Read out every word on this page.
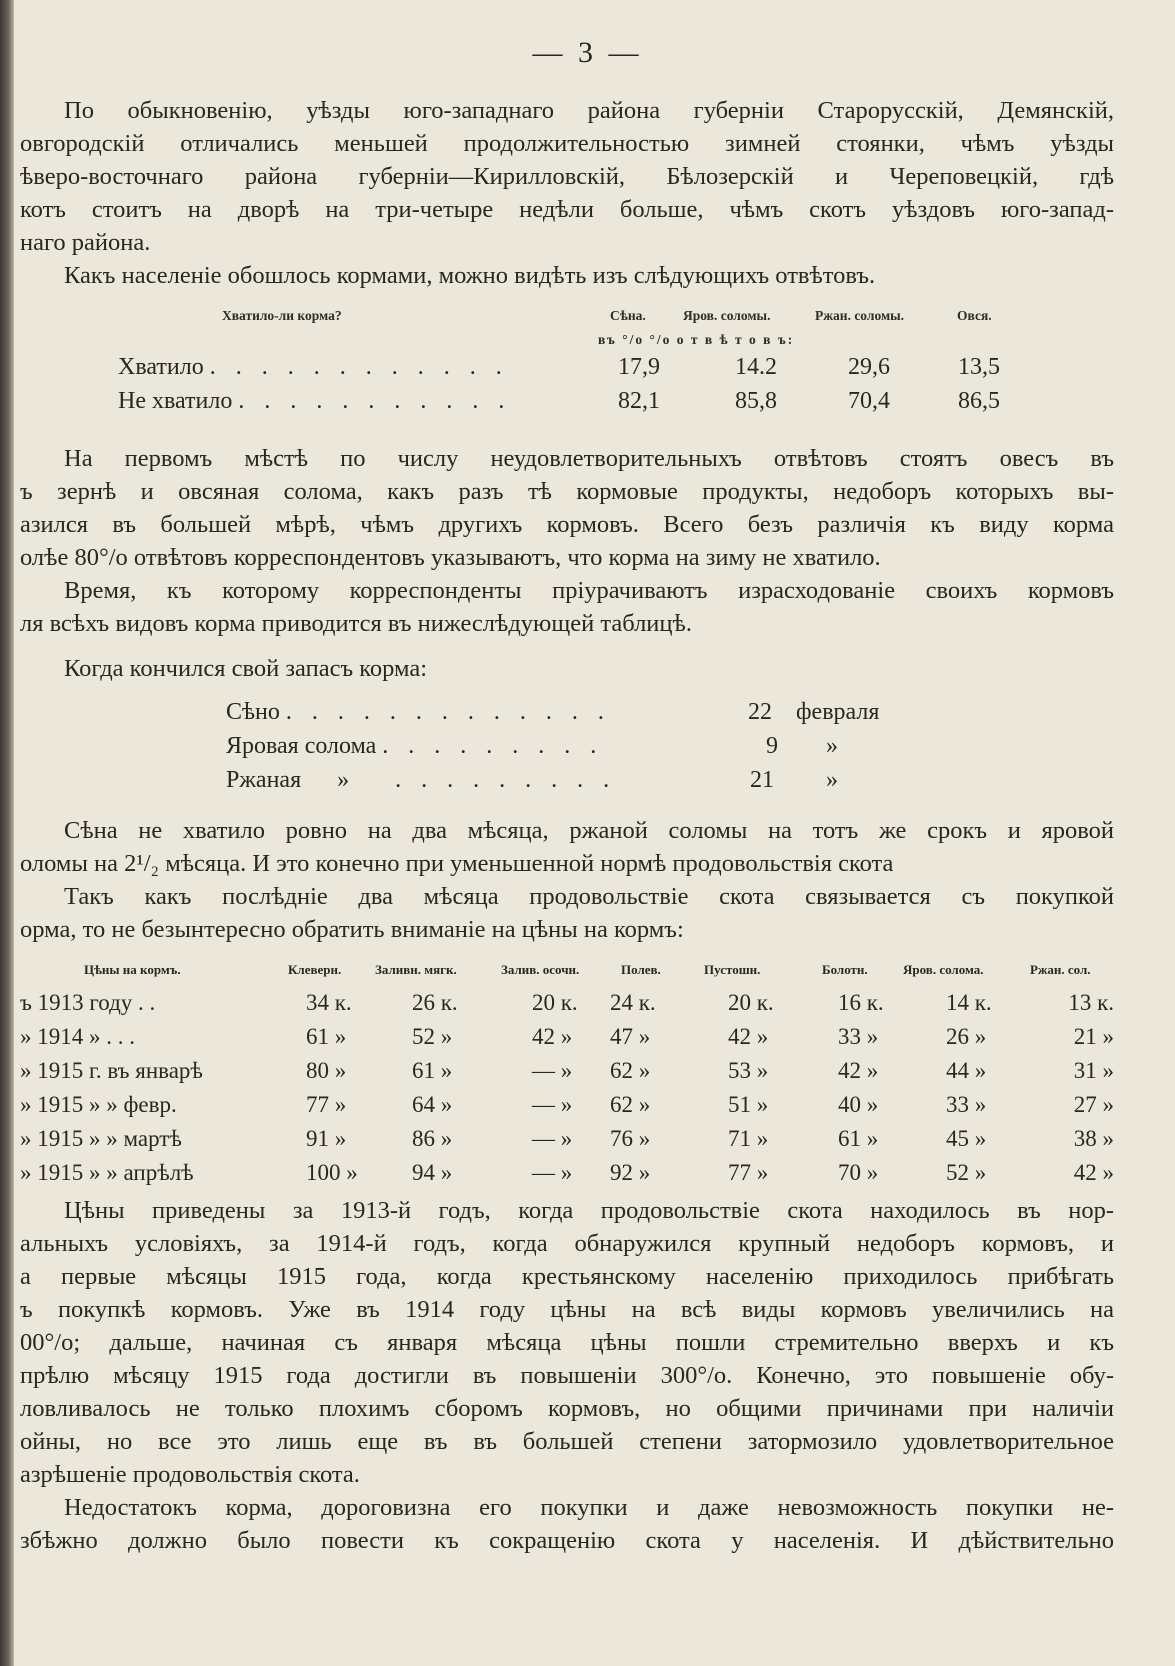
— 3 —
По обыкновенію, уѣзды юго-западнаго района губерніи Старорусскій, Демянскій,
овгородскій отличались меньшей продолжительностью зимней стоянки, чѣмъ уѣзды
ѣверо-восточнаго района губерніи—Кирилловскій, Бѣлозерскій и Череповецкій, гдѣ
котъ стоитъ на дворѣ на три-четыре недѣли больше, чѣмъ скотъ уѣздовъ юго-запад-
наго района.
Какъ населеніе обошлось кормами, можно видѣть изъ слѣдующихъ отвѣтовъ.
Хватило-ли корма?	Сѣна.	Яров. соломы.	Ржан. соломы.	Овся.
въ °/о °/о о т в ѣ т о в ъ:
Хватило . . . . . . . . . . . .	17,9	14.2	29,6	13,5
Не хватило . . . . . . . . . . .	82,1	85,8	70,4	86,5
На первомъ мѣстѣ по числу неудовлетворительныхъ отвѣтовъ стоятъ овесъ въ
ъ зернѣ и овсяная солома, какъ разъ тѣ кормовые продукты, недоборъ которыхъ вы-
азился въ большей мѣрѣ, чѣмъ другихъ кормовъ. Всего безъ различія къ виду корма
олѣе 80°/о отвѣтовъ корреспондентовъ указываютъ, что корма на зиму не хватило.
Время, къ которому корреспонденты пріурачиваютъ израсходованіе своихъ кормовъ
ля всѣхъ видовъ корма приводится въ нижеслѣдующей таблицѣ.
Когда кончился свой запасъ корма:
Сѣно . . . . . . . . . . . . .	22 февраля
Яровая солома . . . . . . . . .	9 »
Ржаная » . . . . . . . . .	21 »
Сѣна не хватило ровно на два мѣсяца, ржаной соломы на тотъ же срокъ и яровой
оломы на 2¹/₂ мѣсяца. И это конечно при уменьшенной нормѣ продовольствія скота
Такъ какъ послѣдніе два мѣсяца продовольствіе скота связывается съ покупкой
орма, то не безынтересно обратить вниманіе на цѣны на кормъ:
Цѣны на кормъ.	Клеверн.	Заливн. мягк.	Залив. осочн.	Полев.	Пустошн.	Болотн.	Яров. солома.	Ржан. сол.
ъ 1913 году . .	34 к.	26 к.	20 к. 24 к.	20 к.	16 к.	14 к.	13 к.
» 1914 » . . .	61 »	52 »	42 » 47 »	42 »	33 »	26 »	21 »
» 1915 г. въ январѣ	80 »	61 »	— » 62 »	53 »	42 »	44 »	31 »
» 1915 » » февр.	77 »	64 »	— » 62 »	51 »	40 »	33 »	27 »
» 1915 » » мартѣ	91 »	86 »	— » 76 »	71 »	61 »	45 »	38 »
» 1915 » » апрѣлѣ	100 » 94 »	— » 92 »	77 »	70 »	52 »	42 »
Цѣны приведены за 1913-й годъ, когда продовольствіе скота находилось въ нор-
альныхъ условіяхъ, за 1914-й годъ, когда обнаружился крупный недоборъ кормовъ, и
а первые мѣсяцы 1915 года, когда крестьянскому населенію приходилось прибѣгать
ъ покупкѣ кормовъ. Уже въ 1914 году цѣны на всѣ виды кормовъ увеличились на
00°/о; дальше, начиная съ января мѣсяца цѣны пошли стремительно вверхъ и къ
прѣлю мѣсяцу 1915 года достигли въ повышеніи 300°/о. Конечно, это повышеніе обу-
ловливалось не только плохимъ сборомъ кормовъ, но общими причинами при наличіи
ойны, но все это лишь еще въ въ большей степени затормозило удовлетворительное
азрѣшеніе продовольствія скота.
Недостатокъ корма, дороговизна его покупки и даже невозможность покупки не-
збѣжно должно было повести къ сокращенію скота у населенія. И дѣйствительно
